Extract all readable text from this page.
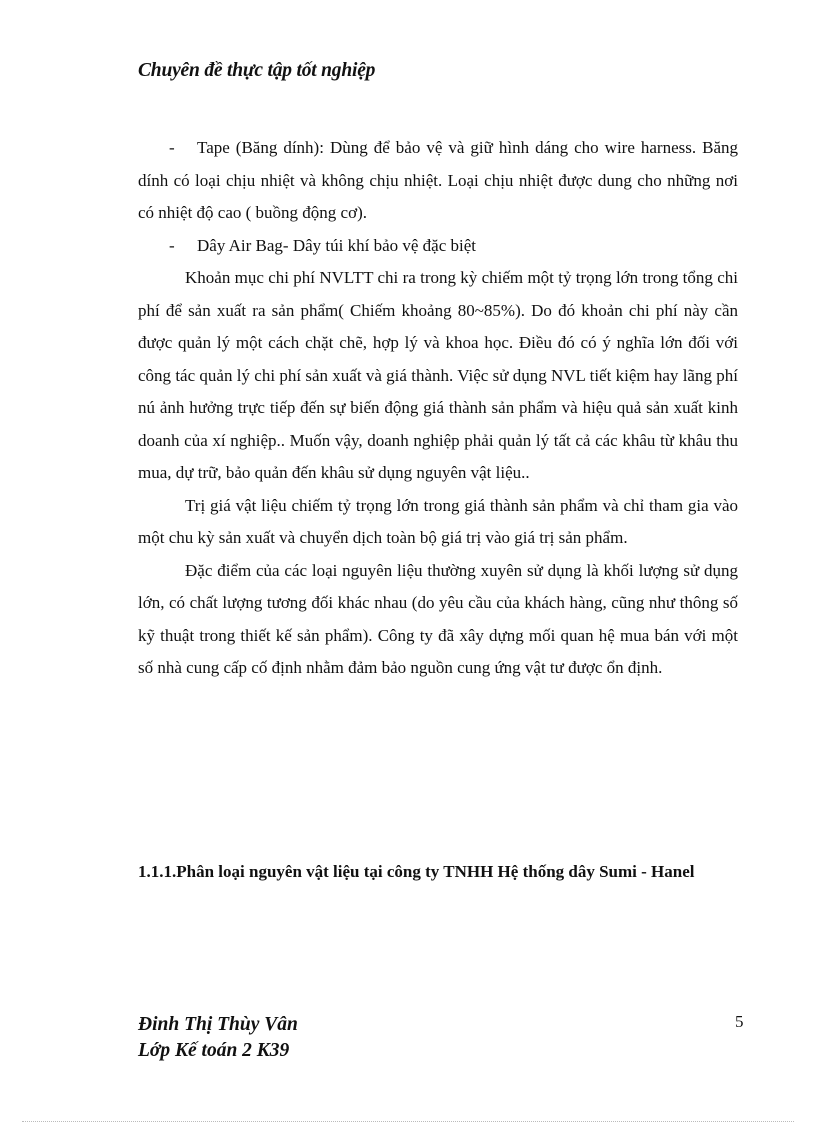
Chuyên đề thực tập tốt nghiệp

- Tape (Băng dính): Dùng để bảo vệ và giữ hình dáng cho wire harness. Băng dính có loại chịu nhiệt và không chịu nhiệt. Loại chịu nhiệt được dung cho những nơi có nhiệt độ cao ( buồng động cơ).

- Dây Air Bag- Dây túi khí bảo vệ đặc biệt

Khoản mục chi phí NVLTT chi ra trong kỳ chiếm một tỷ trọng lớn trong tổng chi phí để sản xuất ra sản phẩm( Chiếm khoảng 80~85%). Do đó khoản chi phí này cần được quản lý một cách chặt chẽ, hợp lý và khoa học. Điều đó có ý nghĩa lớn đối với công tác quản lý chi phí sản xuất và giá thành. Việc sử dụng NVL tiết kiệm hay lãng phí nú ảnh hưởng trực tiếp đến sự biến động giá thành sản phẩm và hiệu quả sản xuất kinh doanh của xí nghiệp.. Muốn vậy, doanh nghiệp phải quản lý tất cả các khâu từ khâu thu mua, dự trữ, bảo quản đến khâu sử dụng nguyên vật liệu..

Trị giá vật liệu chiếm tỷ trọng lớn trong giá thành sản phẩm và chỉ tham gia vào một chu kỳ sản xuất và chuyển dịch toàn bộ giá trị vào giá trị sản phẩm.

Đặc điểm của các loại nguyên liệu thường xuyên sử dụng là khối lượng sử dụng lớn, có chất lượng tương đối khác nhau (do yêu cầu của khách hàng, cũng như thông số kỹ thuật trong thiết kế sản phẩm). Công ty đã xây dựng mối quan hệ mua bán với một số nhà cung cấp cố định nhằm đảm bảo nguồn cung ứng vật tư được ổn định.

1.1.1.Phân loại nguyên vật liệu tại công ty TNHH Hệ thống dây Sumi - Hanel
Đinh Thị Thùy Vân
Lớp Kế toán 2 K39
5
